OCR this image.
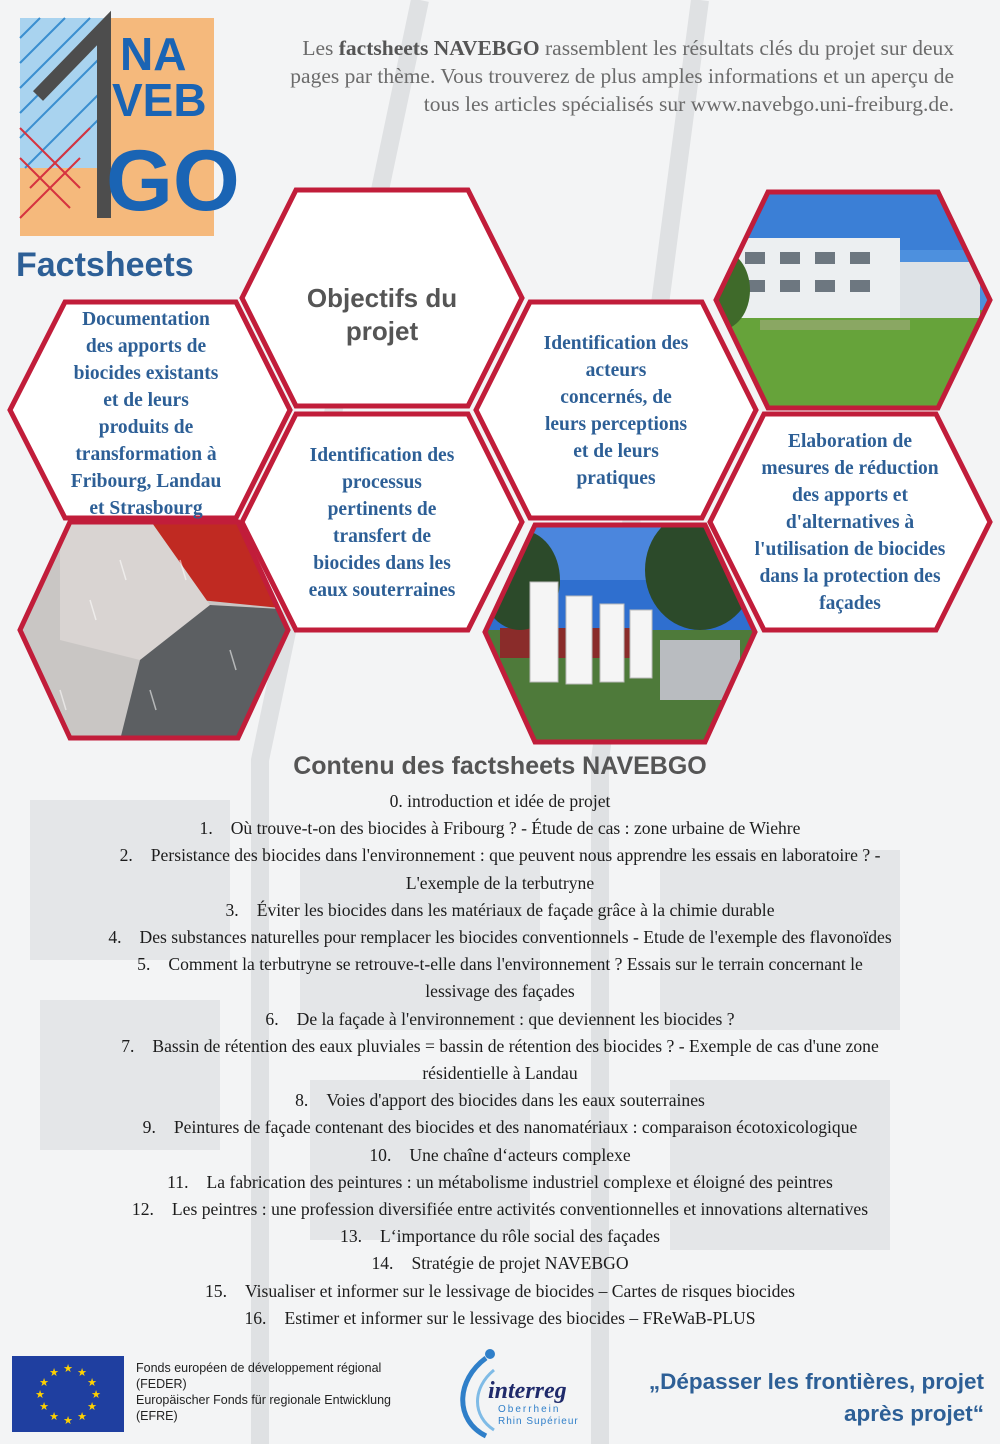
NA
VEB
GO
Les factsheets NAVEBGO rassemblent les résultats clés du projet sur deux pages par thème. Vous trouverez de plus amples informations et un aperçu de tous les articles spécialisés sur www.navebgo.uni-freiburg.de.
Factsheets
Objectifs du
projet
Documentation
des apports de
biocides existants
et de leurs
produits de
transformation à
Fribourg, Landau
et Strasbourg
Identification des
processus
pertinents de
transfert de
biocides dans les
eaux souterraines
Identification des
acteurs
concernés, de
leurs perceptions
et de leurs
pratiques
Elaboration de
mesures de réduction
des apports et
d'alternatives à
l'utilisation de biocides
dans la protection des
façades
Contenu des factsheets NAVEBGO
0. introduction et idée de projet
1. Où trouve-t-on des biocides à Fribourg ? - Étude de cas : zone urbaine de Wiehre
2. Persistance des biocides dans l'environnement : que peuvent nous apprendre les essais en laboratoire ? -
L'exemple de la terbutryne
3. Éviter les biocides dans les matériaux de façade grâce à la chimie durable
4. Des substances naturelles pour remplacer les biocides conventionnels - Etude de l'exemple des flavonoïdes
5. Comment la terbutryne se retrouve-t-elle dans l'environnement ? Essais sur le terrain concernant le
lessivage des façades
6. De la façade à l'environnement : que deviennent les biocides ?
7. Bassin de rétention des eaux pluviales = bassin de rétention des biocides ? - Exemple de cas d'une zone
résidentielle à Landau
8. Voies d'apport des biocides dans les eaux souterraines
9. Peintures de façade contenant des biocides et des nanomatériaux : comparaison écotoxicologique
10. Une chaîne d‘acteurs complexe
11. La fabrication des peintures : un métabolisme industriel complexe et éloigné des peintres
12. Les peintres : une profession diversifiée entre activités conventionnelles et innovations alternatives
13. L‘importance du rôle social des façades
14. Stratégie de projet NAVEBGO
15. Visualiser et informer sur le lessivage de biocides – Cartes de risques biocides
16. Estimer et informer sur le lessivage des biocides – FReWaB-PLUS
★ ★
★
★
★
★
★
★
★
★
★
★	Fonds européen de développement régional
(FEDER)
Europäischer Fonds für regionale Entwicklung
(EFRE)
interreg
Oberrhein
Rhin Supérieur
„Dépasser les frontières, projet
après projet“
